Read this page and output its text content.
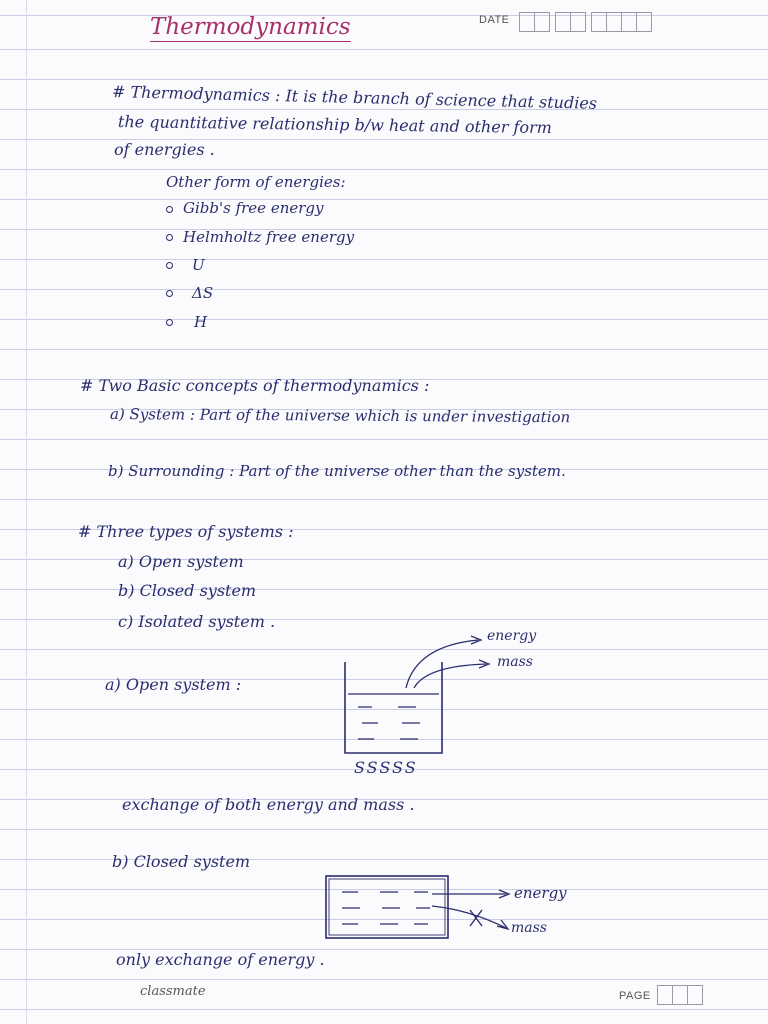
Thermodynamics	DATE
# Thermodynamics : It is the branch of science that studies
the quantitative relationship b/w heat and other form
of energies .
Other form of energies:
Gibb's free energy
Helmholtz free energy
U
ΔS
H
# Two Basic concepts of thermodynamics :
a) System : Part of the universe which is under investigation
b) Surrounding : Part of the universe other than the system.
# Three types of systems :
a) Open system
b) Closed system
c) Isolated system .
a) Open system :
energy
mass
SSSSS
exchange of both energy and mass .
b) Closed system
energy
mass
only exchange of energy .
classmate	PAGE
